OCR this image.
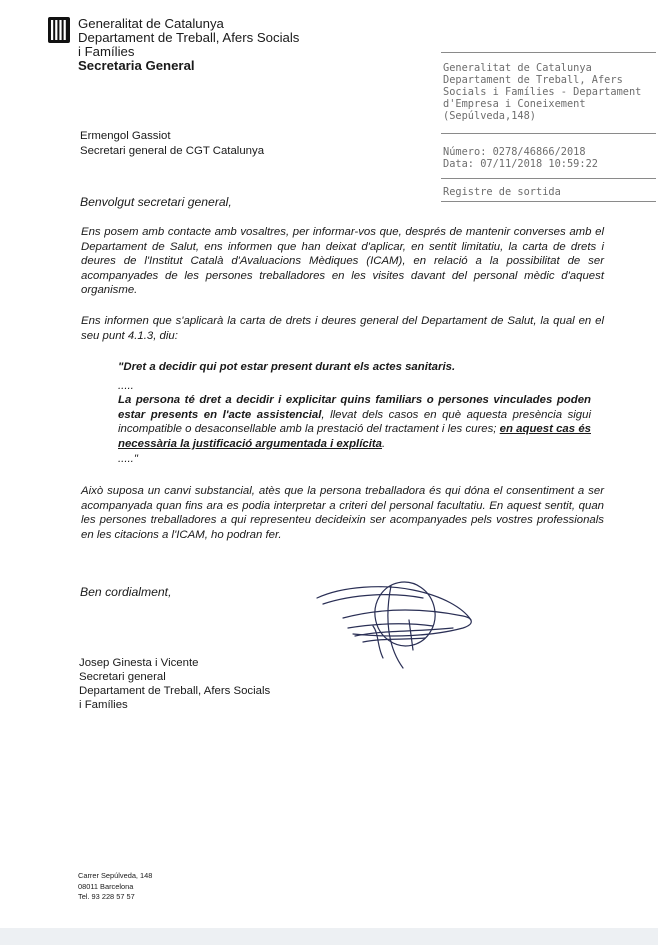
Generalitat de Catalunya
Departament de Treball, Afers Socials
i Famílies
Secretaria General	Generalitat de Catalunya
Departament de Treball, Afers
Socials i Famílies - Departament
d'Empresa i Coneixement
(Sepúlveda,148)
Número: 0278/46866/2018
Data: 07/11/2018 10:59:22
Registre de sortida
Ermengol Gassiot
Secretari general de CGT Catalunya
Benvolgut secretari general,
Ens posem amb contacte amb vosaltres, per informar-vos que, després de mantenir converses amb el Departament de Salut, ens informen que han deixat d'aplicar, en sentit limitatiu, la carta de drets i deures de l'Institut Català d'Avaluacions Mèdiques (ICAM), en relació a la possibilitat de ser acompanyades de les persones treballadores en les visites davant del personal mèdic d'aquest organisme.
Ens informen que s'aplicarà la carta de drets i deures general del Departament de Salut, la qual en el seu punt 4.1.3, diu:
"Dret a decidir qui pot estar present durant els actes sanitaris.
.....
La persona té dret a decidir i explicitar quins familiars o persones vinculades poden estar presents en l'acte assistencial, llevat dels casos en què aquesta presència sigui incompatible o desaconsellable amb la prestació del tractament i les cures; en aquest cas és necessària la justificació argumentada i explícita.
....."
Això suposa un canvi substancial, atès que la persona treballadora és qui dóna el consentiment a ser acompanyada quan fins ara es podia interpretar a criteri del personal facultatiu. En aquest sentit, quan les persones treballadores a qui representeu decideixin ser acompanyades pels vostres professionals en les citacions a l'ICAM, ho podran fer.
Ben cordialment,
Josep Ginesta i Vicente
Secretari general
Departament de Treball, Afers Socials
i Famílies
Carrer Sepúlveda, 148
08011 Barcelona
Tel. 93 228 57 57
